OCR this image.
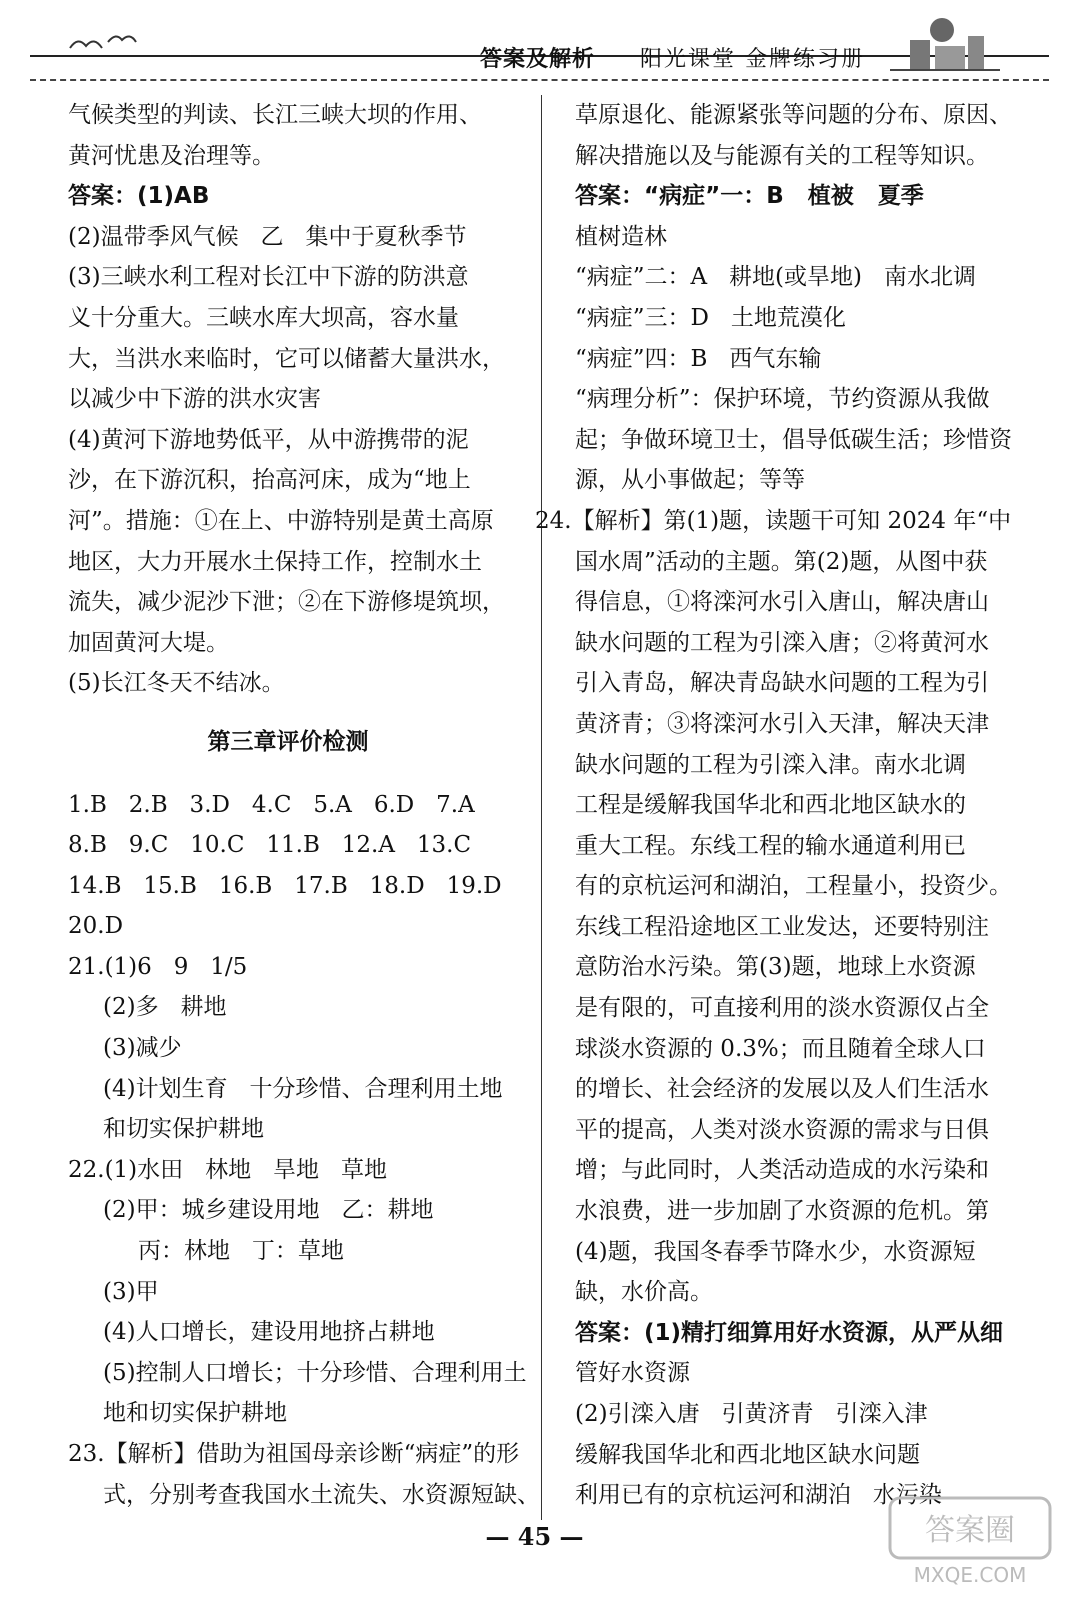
答案及解析 阳光课堂 金牌练习册

气候类型的判读、长江三峡大坝的作用、

黄河忧患及治理等。

答案：(1)AB

(2)温带季风气候   乙   集中于夏秋季节

(3)三峡水利工程对长江中下游的防洪意

义十分重大。三峡水库大坝高，容水量

大，当洪水来临时，它可以储蓄大量洪水，

以减少中下游的洪水灾害

(4)黄河下游地势低平，从中游携带的泥

沙，在下游沉积，抬高河床，成为“地上

河”。措施：①在上、中游特别是黄土高原

地区，大力开展水土保持工作，控制水土

流失，减少泥沙下泄；②在下游修堤筑坝，

加固黄河大堤。

(5)长江冬天不结冰。

第三章评价检测

1.B   2.B   3.D   4.C   5.A   6.D   7.A

8.B   9.C   10.C   11.B   12.A   13.C

14.B   15.B   16.B   17.B   18.D   19.D

20.D

21.(1)6   9   1/5

(2)多   耕地

(3)减少

(4)计划生育   十分珍惜、合理利用土地

和切实保护耕地

22.(1)水田   林地   旱地   草地

(2)甲：城乡建设用地   乙：耕地

丙：林地   丁：草地

(3)甲

(4)人口增长，建设用地挤占耕地

(5)控制人口增长；十分珍惜、合理利用土

地和切实保护耕地

23.【解析】借助为祖国母亲诊断“病症”的形

式，分别考查我国水土流失、水资源短缺、

草原退化、能源紧张等问题的分布、原因、

解决措施以及与能源有关的工程等知识。

答案：“病症”一：B   植被   夏季

植树造林

“病症”二：A   耕地(或旱地)   南水北调

“病症”三：D   土地荒漠化

“病症”四：B   西气东输

“病理分析”：保护环境，节约资源从我做

起；争做环境卫士，倡导低碳生活；珍惜资

源，从小事做起；等等

24.【解析】第(1)题，读题干可知 2024 年“中

国水周”活动的主题。第(2)题，从图中获

得信息，①将滦河水引入唐山，解决唐山

缺水问题的工程为引滦入唐；②将黄河水

引入青岛，解决青岛缺水问题的工程为引

黄济青；③将滦河水引入天津，解决天津

缺水问题的工程为引滦入津。南水北调

工程是缓解我国华北和西北地区缺水的

重大工程。东线工程的输水通道利用已

有的京杭运河和湖泊，工程量小，投资少。

东线工程沿途地区工业发达，还要特别注

意防治水污染。第(3)题，地球上水资源

是有限的，可直接利用的淡水资源仅占全

球淡水资源的 0.3%；而且随着全球人口

的增长、社会经济的发展以及人们生活水

平的提高，人类对淡水资源的需求与日俱

增；与此同时，人类活动造成的水污染和

水浪费，进一步加剧了水资源的危机。第

(4)题，我国冬春季节降水少，水资源短

缺，水价高。

答案：(1)精打细算用好水资源，从严从细

管好水资源

(2)引滦入唐   引黄济青   引滦入津

缓解我国华北和西北地区缺水问题

利用已有的京杭运河和湖泊   水污染

— 45 —	答案圈
MXQE.COM
